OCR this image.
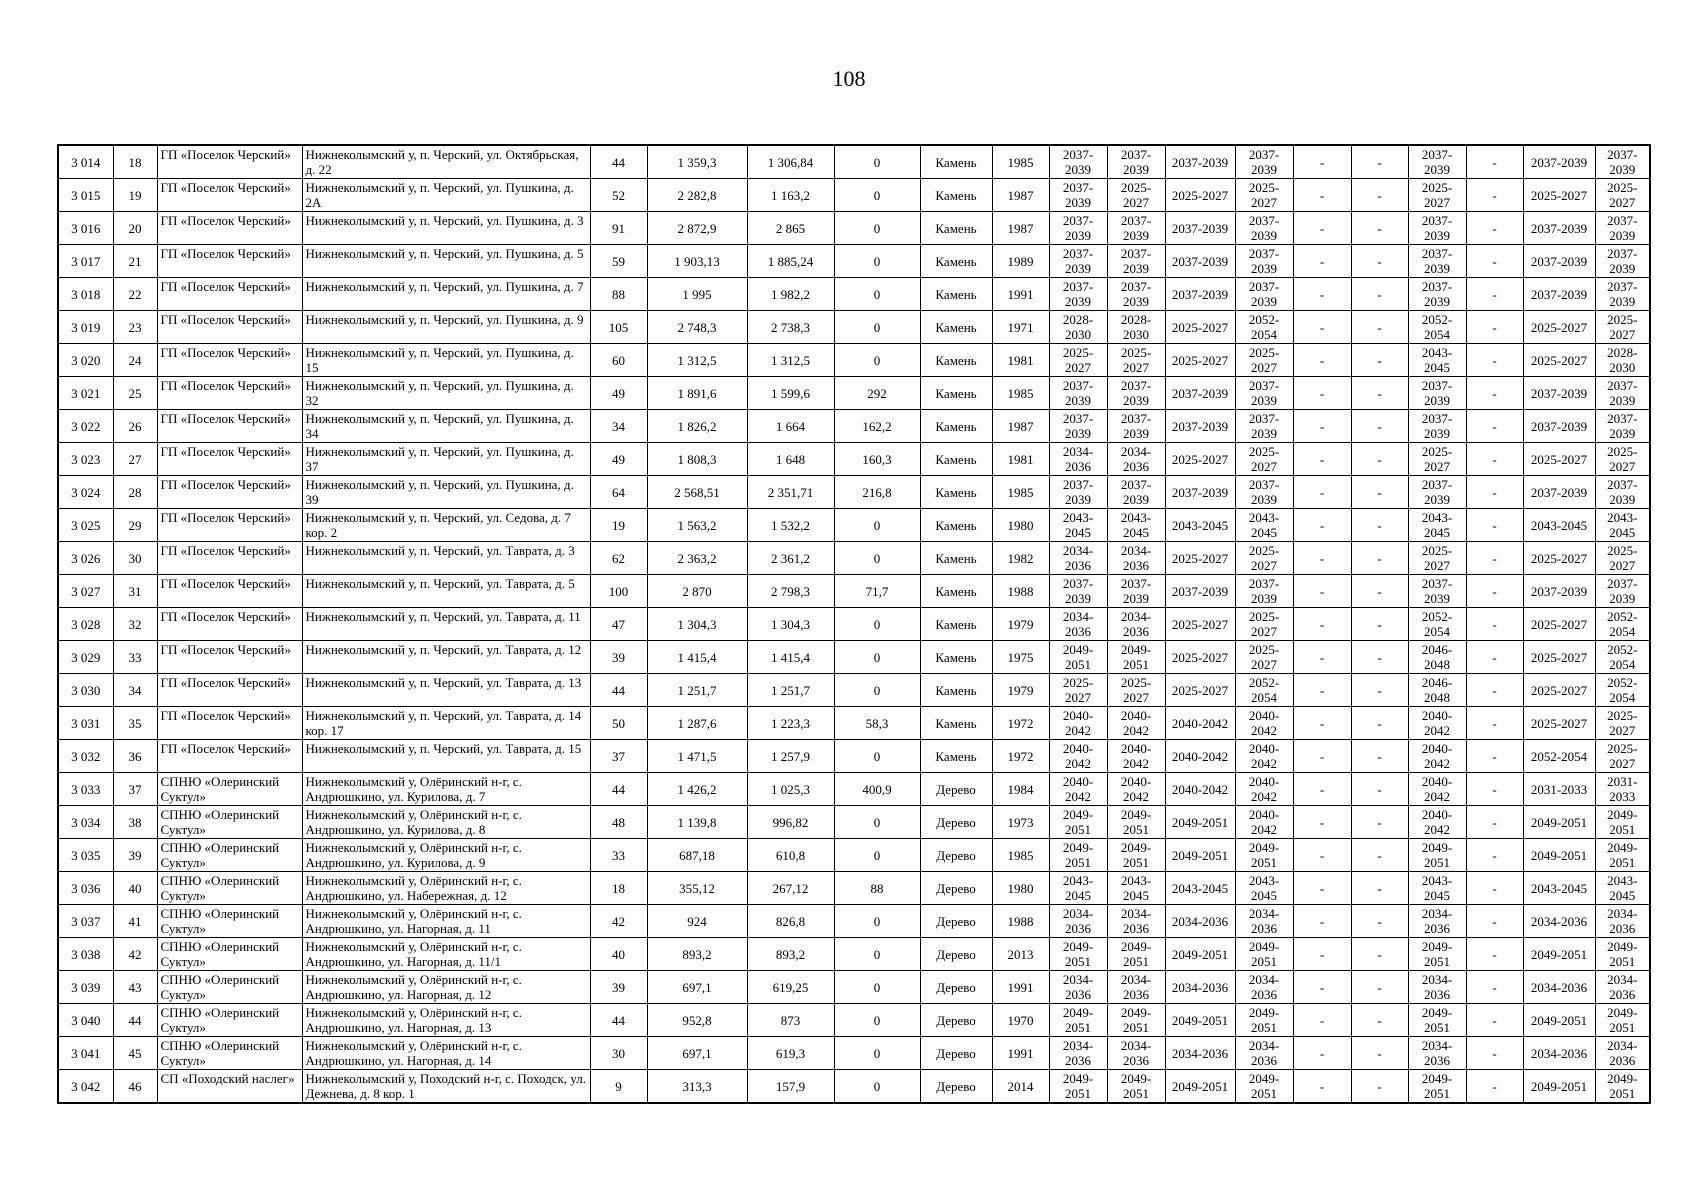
108
3 014	18	ГП «Поселок Черский»	Нижнеколымский у, п. Черский, ул. Октябрьская, д. 22	44	1 359,3	1 306,84	0	Камень	1985	2037-2039	2037-2039	2037-2039	2037-2039	-	-	2037-2039	-	2037-2039	2037-2039
3 015	19	ГП «Поселок Черский»	Нижнеколымский у, п. Черский, ул. Пушкина, д. 2А	52	2 282,8	1 163,2	0	Камень	1987	2037-2039	2025-2027	2025-2027	2025-2027	-	-	2025-2027	-	2025-2027	2025-2027
3 016	20	ГП «Поселок Черский»	Нижнеколымский у, п. Черский, ул. Пушкина, д. 3	91	2 872,9	2 865	0	Камень	1987	2037-2039	2037-2039	2037-2039	2037-2039	-	-	2037-2039	-	2037-2039	2037-2039
3 017	21	ГП «Поселок Черский»	Нижнеколымский у, п. Черский, ул. Пушкина, д. 5	59	1 903,13	1 885,24	0	Камень	1989	2037-2039	2037-2039	2037-2039	2037-2039	-	-	2037-2039	-	2037-2039	2037-2039
3 018	22	ГП «Поселок Черский»	Нижнеколымский у, п. Черский, ул. Пушкина, д. 7	88	1 995	1 982,2	0	Камень	1991	2037-2039	2037-2039	2037-2039	2037-2039	-	-	2037-2039	-	2037-2039	2037-2039
3 019	23	ГП «Поселок Черский»	Нижнеколымский у, п. Черский, ул. Пушкина, д. 9	105	2 748,3	2 738,3	0	Камень	1971	2028-2030	2028-2030	2025-2027	2052-2054	-	-	2052-2054	-	2025-2027	2025-2027
3 020	24	ГП «Поселок Черский»	Нижнеколымский у, п. Черский, ул. Пушкина, д. 15	60	1 312,5	1 312,5	0	Камень	1981	2025-2027	2025-2027	2025-2027	2025-2027	-	-	2043-2045	-	2025-2027	2028-2030
3 021	25	ГП «Поселок Черский»	Нижнеколымский у, п. Черский, ул. Пушкина, д. 32	49	1 891,6	1 599,6	292	Камень	1985	2037-2039	2037-2039	2037-2039	2037-2039	-	-	2037-2039	-	2037-2039	2037-2039
3 022	26	ГП «Поселок Черский»	Нижнеколымский у, п. Черский, ул. Пушкина, д. 34	34	1 826,2	1 664	162,2	Камень	1987	2037-2039	2037-2039	2037-2039	2037-2039	-	-	2037-2039	-	2037-2039	2037-2039
3 023	27	ГП «Поселок Черский»	Нижнеколымский у, п. Черский, ул. Пушкина, д. 37	49	1 808,3	1 648	160,3	Камень	1981	2034-2036	2034-2036	2025-2027	2025-2027	-	-	2025-2027	-	2025-2027	2025-2027
3 024	28	ГП «Поселок Черский»	Нижнеколымский у, п. Черский, ул. Пушкина, д. 39	64	2 568,51	2 351,71	216,8	Камень	1985	2037-2039	2037-2039	2037-2039	2037-2039	-	-	2037-2039	-	2037-2039	2037-2039
3 025	29	ГП «Поселок Черский»	Нижнеколымский у, п. Черский, ул. Седова, д. 7 кор. 2	19	1 563,2	1 532,2	0	Камень	1980	2043-2045	2043-2045	2043-2045	2043-2045	-	-	2043-2045	-	2043-2045	2043-2045
3 026	30	ГП «Поселок Черский»	Нижнеколымский у, п. Черский, ул. Таврата, д. 3	62	2 363,2	2 361,2	0	Камень	1982	2034-2036	2034-2036	2025-2027	2025-2027	-	-	2025-2027	-	2025-2027	2025-2027
3 027	31	ГП «Поселок Черский»	Нижнеколымский у, п. Черский, ул. Таврата, д. 5	100	2 870	2 798,3	71,7	Камень	1988	2037-2039	2037-2039	2037-2039	2037-2039	-	-	2037-2039	-	2037-2039	2037-2039
3 028	32	ГП «Поселок Черский»	Нижнеколымский у, п. Черский, ул. Таврата, д. 11	47	1 304,3	1 304,3	0	Камень	1979	2034-2036	2034-2036	2025-2027	2025-2027	-	-	2052-2054	-	2025-2027	2052-2054
3 029	33	ГП «Поселок Черский»	Нижнеколымский у, п. Черский, ул. Таврата, д. 12	39	1 415,4	1 415,4	0	Камень	1975	2049-2051	2049-2051	2025-2027	2025-2027	-	-	2046-2048	-	2025-2027	2052-2054
3 030	34	ГП «Поселок Черский»	Нижнеколымский у, п. Черский, ул. Таврата, д. 13	44	1 251,7	1 251,7	0	Камень	1979	2025-2027	2025-2027	2025-2027	2052-2054	-	-	2046-2048	-	2025-2027	2052-2054
3 031	35	ГП «Поселок Черский»	Нижнеколымский у, п. Черский, ул. Таврата, д. 14 кор. 17	50	1 287,6	1 223,3	58,3	Камень	1972	2040-2042	2040-2042	2040-2042	2040-2042	-	-	2040-2042	-	2025-2027	2025-2027
3 032	36	ГП «Поселок Черский»	Нижнеколымский у, п. Черский, ул. Таврата, д. 15	37	1 471,5	1 257,9	0	Камень	1972	2040-2042	2040-2042	2040-2042	2040-2042	-	-	2040-2042	-	2052-2054	2025-2027
3 033	37	СПНЮ «Олеринский Суктул»	Нижнеколымский у, Олёринский н-г, с. Андрюшкино, ул. Курилова, д. 7	44	1 426,2	1 025,3	400,9	Дерево	1984	2040-2042	2040-2042	2040-2042	2040-2042	-	-	2040-2042	-	2031-2033	2031-2033
3 034	38	СПНЮ «Олеринский Суктул»	Нижнеколымский у, Олёринский н-г, с. Андрюшкино, ул. Курилова, д. 8	48	1 139,8	996,82	0	Дерево	1973	2049-2051	2049-2051	2049-2051	2040-2042	-	-	2040-2042	-	2049-2051	2049-2051
3 035	39	СПНЮ «Олеринский Суктул»	Нижнеколымский у, Олёринский н-г, с. Андрюшкино, ул. Курилова, д. 9	33	687,18	610,8	0	Дерево	1985	2049-2051	2049-2051	2049-2051	2049-2051	-	-	2049-2051	-	2049-2051	2049-2051
3 036	40	СПНЮ «Олеринский Суктул»	Нижнеколымский у, Олёринский н-г, с. Андрюшкино, ул. Набережная, д. 12	18	355,12	267,12	88	Дерево	1980	2043-2045	2043-2045	2043-2045	2043-2045	-	-	2043-2045	-	2043-2045	2043-2045
3 037	41	СПНЮ «Олеринский Суктул»	Нижнеколымский у, Олёринский н-г, с. Андрюшкино, ул. Нагорная, д. 11	42	924	826,8	0	Дерево	1988	2034-2036	2034-2036	2034-2036	2034-2036	-	-	2034-2036	-	2034-2036	2034-2036
3 038	42	СПНЮ «Олеринский Суктул»	Нижнеколымский у, Олёринский н-г, с. Андрюшкино, ул. Нагорная, д. 11/1	40	893,2	893,2	0	Дерево	2013	2049-2051	2049-2051	2049-2051	2049-2051	-	-	2049-2051	-	2049-2051	2049-2051
3 039	43	СПНЮ «Олеринский Суктул»	Нижнеколымский у, Олёринский н-г, с. Андрюшкино, ул. Нагорная, д. 12	39	697,1	619,25	0	Дерево	1991	2034-2036	2034-2036	2034-2036	2034-2036	-	-	2034-2036	-	2034-2036	2034-2036
3 040	44	СПНЮ «Олеринский Суктул»	Нижнеколымский у, Олёринский н-г, с. Андрюшкино, ул. Нагорная, д. 13	44	952,8	873	0	Дерево	1970	2049-2051	2049-2051	2049-2051	2049-2051	-	-	2049-2051	-	2049-2051	2049-2051
3 041	45	СПНЮ «Олеринский Суктул»	Нижнеколымский у, Олёринский н-г, с. Андрюшкино, ул. Нагорная, д. 14	30	697,1	619,3	0	Дерево	1991	2034-2036	2034-2036	2034-2036	2034-2036	-	-	2034-2036	-	2034-2036	2034-2036
3 042	46	СП «Походский наслег»	Нижнеколымский у, Походский н-г, с. Походск, ул. Дежнева, д. 8 кор. 1	9	313,3	157,9	0	Дерево	2014	2049-2051	2049-2051	2049-2051	2049-2051	-	-	2049-2051	-	2049-2051	2049-2051
